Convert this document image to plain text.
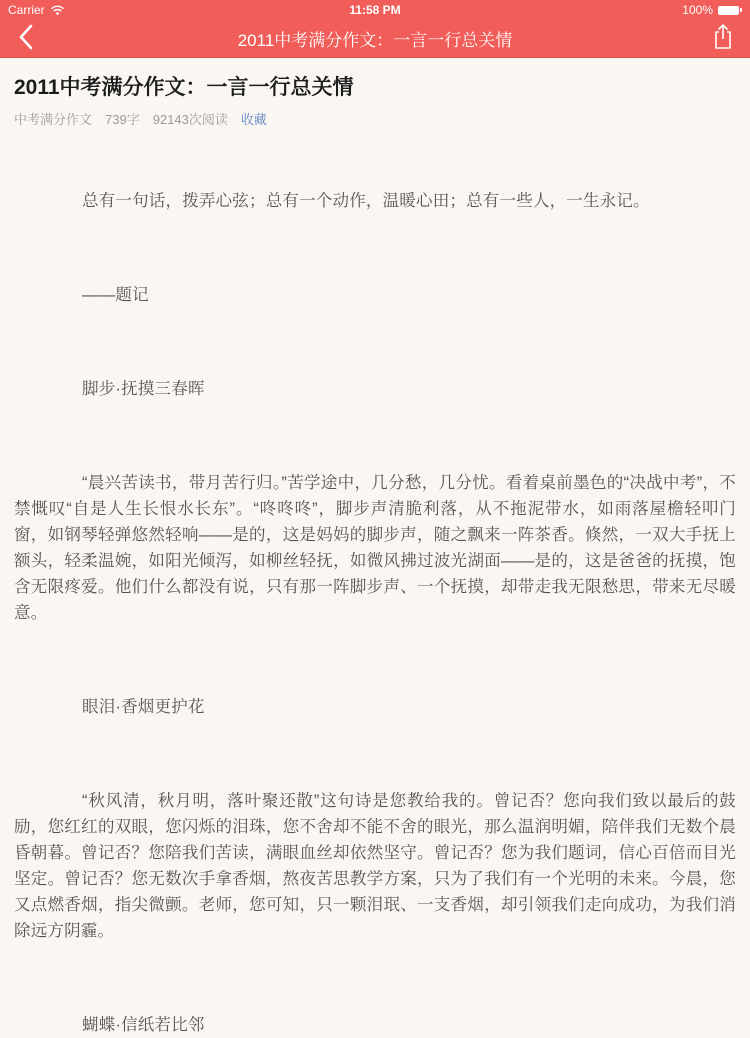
Carrier	11:58 PM	100%
2011中考满分作文：一言一行总关情
2011中考满分作文：一言一行总关情
中考满分作文 739字 92143次阅读 收藏

总有一句话，拨弄心弦；总有一个动作，温暖心田；总有一些人，一生永记。

——题记

脚步·抚摸三春晖

“晨兴苦读书，带月苦行归。”苦学途中，几分愁，几分忧。看着桌前墨色的“决战中考”，不禁慨叹“自是人生长恨水长东”。“咚咚咚”，脚步声清脆利落，从不拖泥带水，如雨落屋檐轻叩门窗，如钢琴轻弹悠然轻响——是的，这是妈妈的脚步声，随之飘来一阵茶香。倏然，一双大手抚上额头，轻柔温婉，如阳光倾泻，如柳丝轻抚，如微风拂过波光湖面——是的，这是爸爸的抚摸，饱含无限疼爱。他们什么都没有说，只有那一阵脚步声、一个抚摸，却带走我无限愁思，带来无尽暖意。

眼泪·香烟更护花

“秋风清，秋月明，落叶聚还散”这句诗是您教给我的。曾记否？您向我们致以最后的鼓励，您红红的双眼，您闪烁的泪珠，您不舍却不能不舍的眼光，那么温润明媚，陪伴我们无数个晨昏朝暮。曾记否？您陪我们苦读，满眼血丝却依然坚守。曾记否？您为我们题词，信心百倍而目光坚定。曾记否？您无数次手拿香烟，熬夜苦思教学方案，只为了我们有一个光明的未来。今晨，您又点燃香烟，指尖微颤。老师，您可知，只一颗泪珉、一支香烟，却引领我们走向成功，为我们消除远方阴霾。

蝴蝶·信纸若比邻
